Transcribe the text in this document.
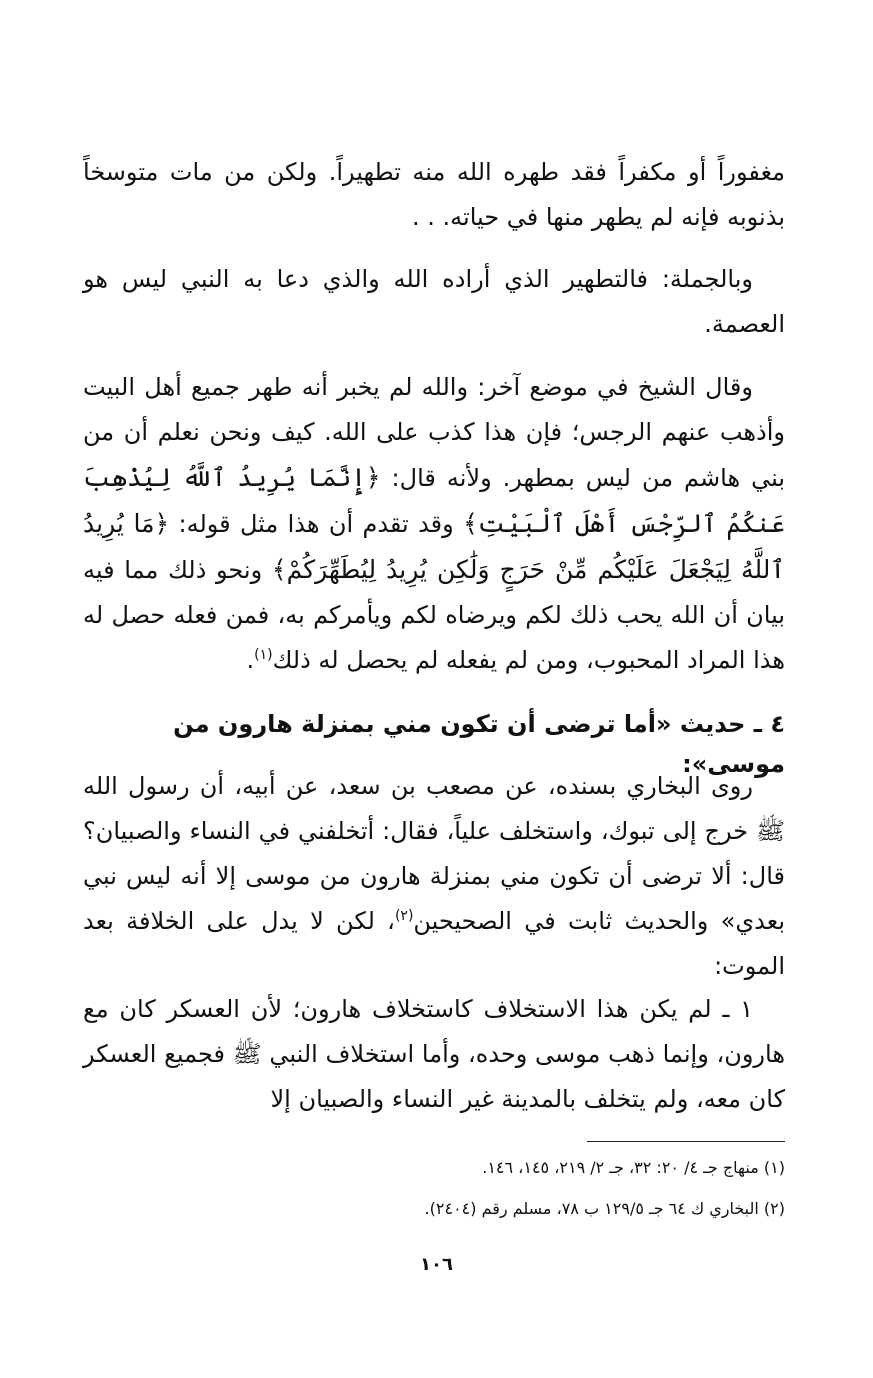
مغفوراً أو مكفراً فقد طهره الله منه تطهيراً. ولكن من مات متوسخاً بذنوبه فإنه لم يطهر منها في حياته. . .

وبالجملة: فالتطهير الذي أراده الله والذي دعا به النبي ليس هو العصمة.

وقال الشيخ في موضع آخر: والله لم يخبر أنه طهر جميع أهل البيت وأذهب عنهم الرجس؛ فإن هذا كذب على الله. كيف ونحن نعلم أن من بني هاشم من ليس بمطهر. ولأنه قال: ﴿إِنَّمَا يُرِيدُ ٱللَّهُ لِيُذْهِبَ عَنكُمُ ٱلرِّجْسَ أَهْلَ ٱلْبَيْتِ﴾ وقد تقدم أن هذا مثل قوله: ﴿مَا يُرِيدُ ٱللَّهُ لِيَجْعَلَ عَلَيْكُم مِّنْ حَرَجٍ وَلَٰكِن يُرِيدُ لِيُطَهِّرَكُمْ﴾ ونحو ذلك مما فيه بيان أن الله يحب ذلك لكم ويرضاه لكم ويأمركم به، فمن فعله حصل له هذا المراد المحبوب، ومن لم يفعله لم يحصل له ذلك$^{(١)}$.

٤ ـ حديث «أما ترضى أن تكون مني بمنزلة هارون من موسى»:

روى البخاري بسنده، عن مصعب بن سعد، عن أبيه، أن رسول الله ﷺ خرج إلى تبوك، واستخلف علياً، فقال: أتخلفني في النساء والصبيان؟ قال: ألا ترضى أن تكون مني بمنزلة هارون من موسى إلا أنه ليس نبي بعدي» والحديث ثابت في الصحيحين$^{(٢)}$، لكن لا يدل على الخلافة بعد الموت:

١ ـ لم يكن هذا الاستخلاف كاستخلاف هارون؛ لأن العسكر كان مع هارون، وإنما ذهب موسى وحده، وأما استخلاف النبي ﷺ فجميع العسكر كان معه، ولم يتخلف بالمدينة غير النساء والصبيان إلا

(١) منهاج جـ ٤/ ٢٠: ٣٢، جـ ٢/ ٢١٩، ١٤٥، ١٤٦.

(٢) البخاري ك ٦٤ جـ ١٢٩/٥ ب ٧٨، مسلم رقم (٢٤٠٤).

١٠٦
